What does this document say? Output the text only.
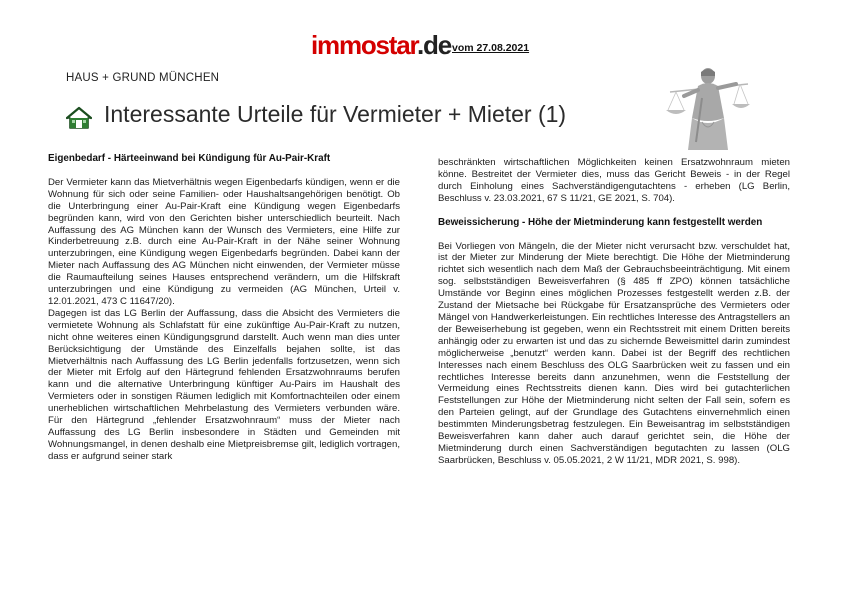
immostar.de vom 27.08.2021
HAUS + GRUND MÜNCHEN
Interessante Urteile für Vermieter + Mieter (1)
Eigenbedarf - Härteeinwand bei Kündigung für Au-Pair-Kraft

Der Vermieter kann das Mietverhältnis wegen Eigenbedarfs kündigen, wenn er die Wohnung für sich oder seine Familien- oder Haushaltsangehörigen benötigt. Ob die Unterbringung einer Au-Pair-Kraft eine Kündigung wegen Eigenbedarfs begründen kann, wird von den Gerichten bisher unterschiedlich beurteilt. Nach Auffassung des AG München kann der Wunsch des Vermieters, eine Hilfe zur Kinderbetreuung z.B. durch eine Au-Pair-Kraft in der Nähe seiner Wohnung unterzubringen, eine Kündigung wegen Eigenbedarfs begründen. Dabei kann der Mieter nach Auffassung des AG München nicht einwenden, der Vermieter müsse die Raumaufteilung seines Hauses entsprechend verändern, um die Hilfskraft unterzubringen und eine Kündigung zu vermeiden (AG München, Urteil v. 12.01.2021, 473 C 11647/20).

Dagegen ist das LG Berlin der Auffassung, dass die Absicht des Vermieters die vermietete Wohnung als Schlafstatt für eine zukünftige Au-Pair-Kraft zu nutzen, nicht ohne weiteres einen Kündigungsgrund darstellt. Auch wenn man dies unter Berücksichtigung der Umstände des Einzelfalls bejahen sollte, ist das Mietverhältnis nach Auffassung des LG Berlin jedenfalls fortzusetzen, wenn sich der Mieter mit Erfolg auf den Härtegrund fehlenden Ersatzwohnraums berufen kann und die alternative Unterbringung künftiger Au-Pairs im Haushalt des Vermieters oder in sonstigen Räumen lediglich mit Komfortnachteilen oder einem unerheblichen wirtschaftlichen Mehrbelastung des Vermieters verbunden wäre. Für den Härtegrund „fehlender Ersatzwohnraum“ muss der Mieter nach Auffassung des LG Berlin insbesondere in Städten und Gemeinden mit Wohnungsmangel, in denen deshalb eine Mietpreisbremse gilt, lediglich vortragen, dass er aufgrund seiner stark

beschränkten wirtschaftlichen Möglichkeiten keinen Ersatzwohnraum mieten könne. Bestreitet der Vermieter dies, muss das Gericht Beweis - in der Regel durch Einholung eines Sachverständigengutachtens - erheben (LG Berlin, Beschluss v. 23.03.2021, 67 S 11/21, GE 2021, S. 704).

Beweissicherung - Höhe der Mietminderung kann festgestellt werden

Bei Vorliegen von Mängeln, die der Mieter nicht verursacht bzw. verschuldet hat, ist der Mieter zur Minderung der Miete berechtigt. Die Höhe der Mietminderung richtet sich wesentlich nach dem Maß der Gebrauchsbeeinträchtigung. Mit einem sog. selbstständigen Beweisverfahren (§ 485 ff ZPO) können tatsächliche Umstände vor Beginn eines möglichen Prozesses festgestellt werden z.B. der Zustand der Mietsache bei Rückgabe für Ersatzansprüche des Vermieters oder Mängel von Handwerkerleistungen. Ein rechtliches Interesse des Antragstellers an der Beweiserhebung ist gegeben, wenn ein Rechtsstreit mit einem Dritten bereits anhängig oder zu erwarten ist und das zu sichernde Beweismittel darin zumindest möglicherweise „benutzt“ werden kann. Dabei ist der Begriff des rechtlichen Interesses nach einem Beschluss des OLG Saarbrücken weit zu fassen und ein rechtliches Interesse bereits dann anzunehmen, wenn die Feststellung der Vermeidung eines Rechtsstreits dienen kann. Dies wird bei gutachterlichen Feststellungen zur Höhe der Mietminderung nicht selten der Fall sein, sofern es den Parteien gelingt, auf der Grundlage des Gutachtens einvernehmlich einen bestimmten Minderungsbetrag festzulegen. Ein Beweisantrag im selbstständigen Beweisverfahren kann daher auch darauf gerichtet sein, die Höhe der Mietminderung durch einen Sachverständigen begutachten zu lassen (OLG Saarbrücken, Beschluss v. 05.05.2021, 2 W 11/21, MDR 2021, S. 998).
